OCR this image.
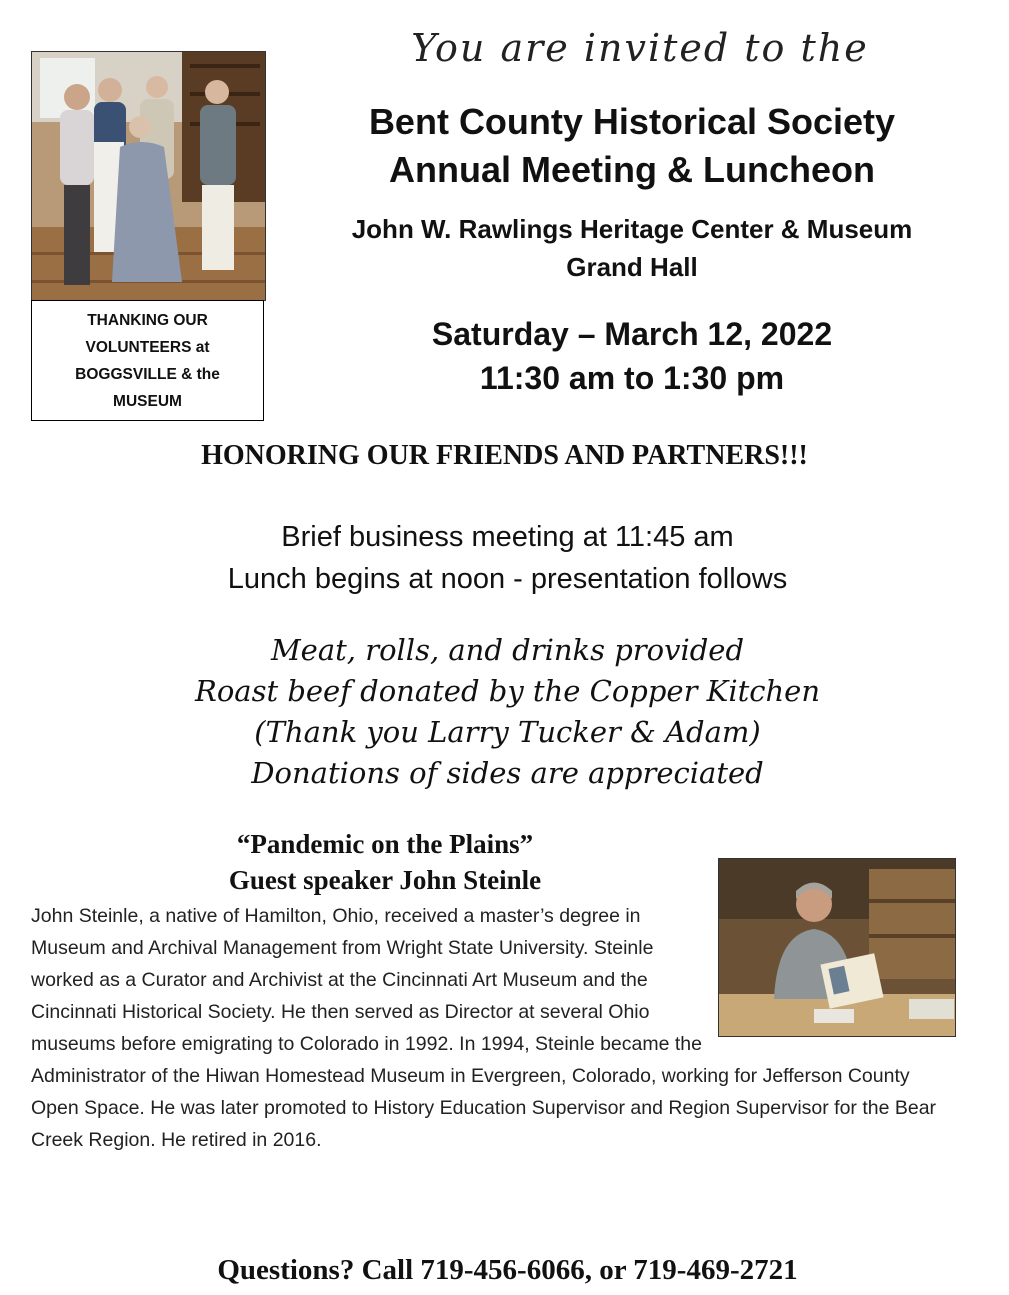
THANKING OUR
VOLUNTEERS at
BOGGSVILLE & the
MUSEUM
You are invited to the
Bent County Historical Society
Annual Meeting & Luncheon
John W. Rawlings Heritage Center & Museum
Grand Hall
Saturday – March 12, 2022
11:30 am to 1:30 pm
HONORING OUR FRIENDS AND PARTNERS!!!
Brief business meeting at 11:45 am
Lunch begins at noon - presentation follows
Meat, rolls, and drinks provided
Roast beef donated by the Copper Kitchen
(Thank you Larry Tucker & Adam)
Donations of sides are appreciated
“Pandemic on the Plains”
Guest speaker John Steinle
John Steinle, a native of Hamilton, Ohio, received a master’s degree in Museum and Archival Management from Wright State University. Steinle worked as a Curator and Archivist at the Cincinnati Art Museum and the Cincinnati Historical Society. He then served as Director at several Ohio museums before emigrating to Colorado in 1992. In 1994, Steinle became the Administrator of the Hiwan Homestead Museum in Evergreen, Colorado, working for Jefferson County Open Space. He was later promoted to History Education Supervisor and Region Supervisor for the Bear Creek Region. He retired in 2016.
Questions? Call 719-456-6066, or 719-469-2721
